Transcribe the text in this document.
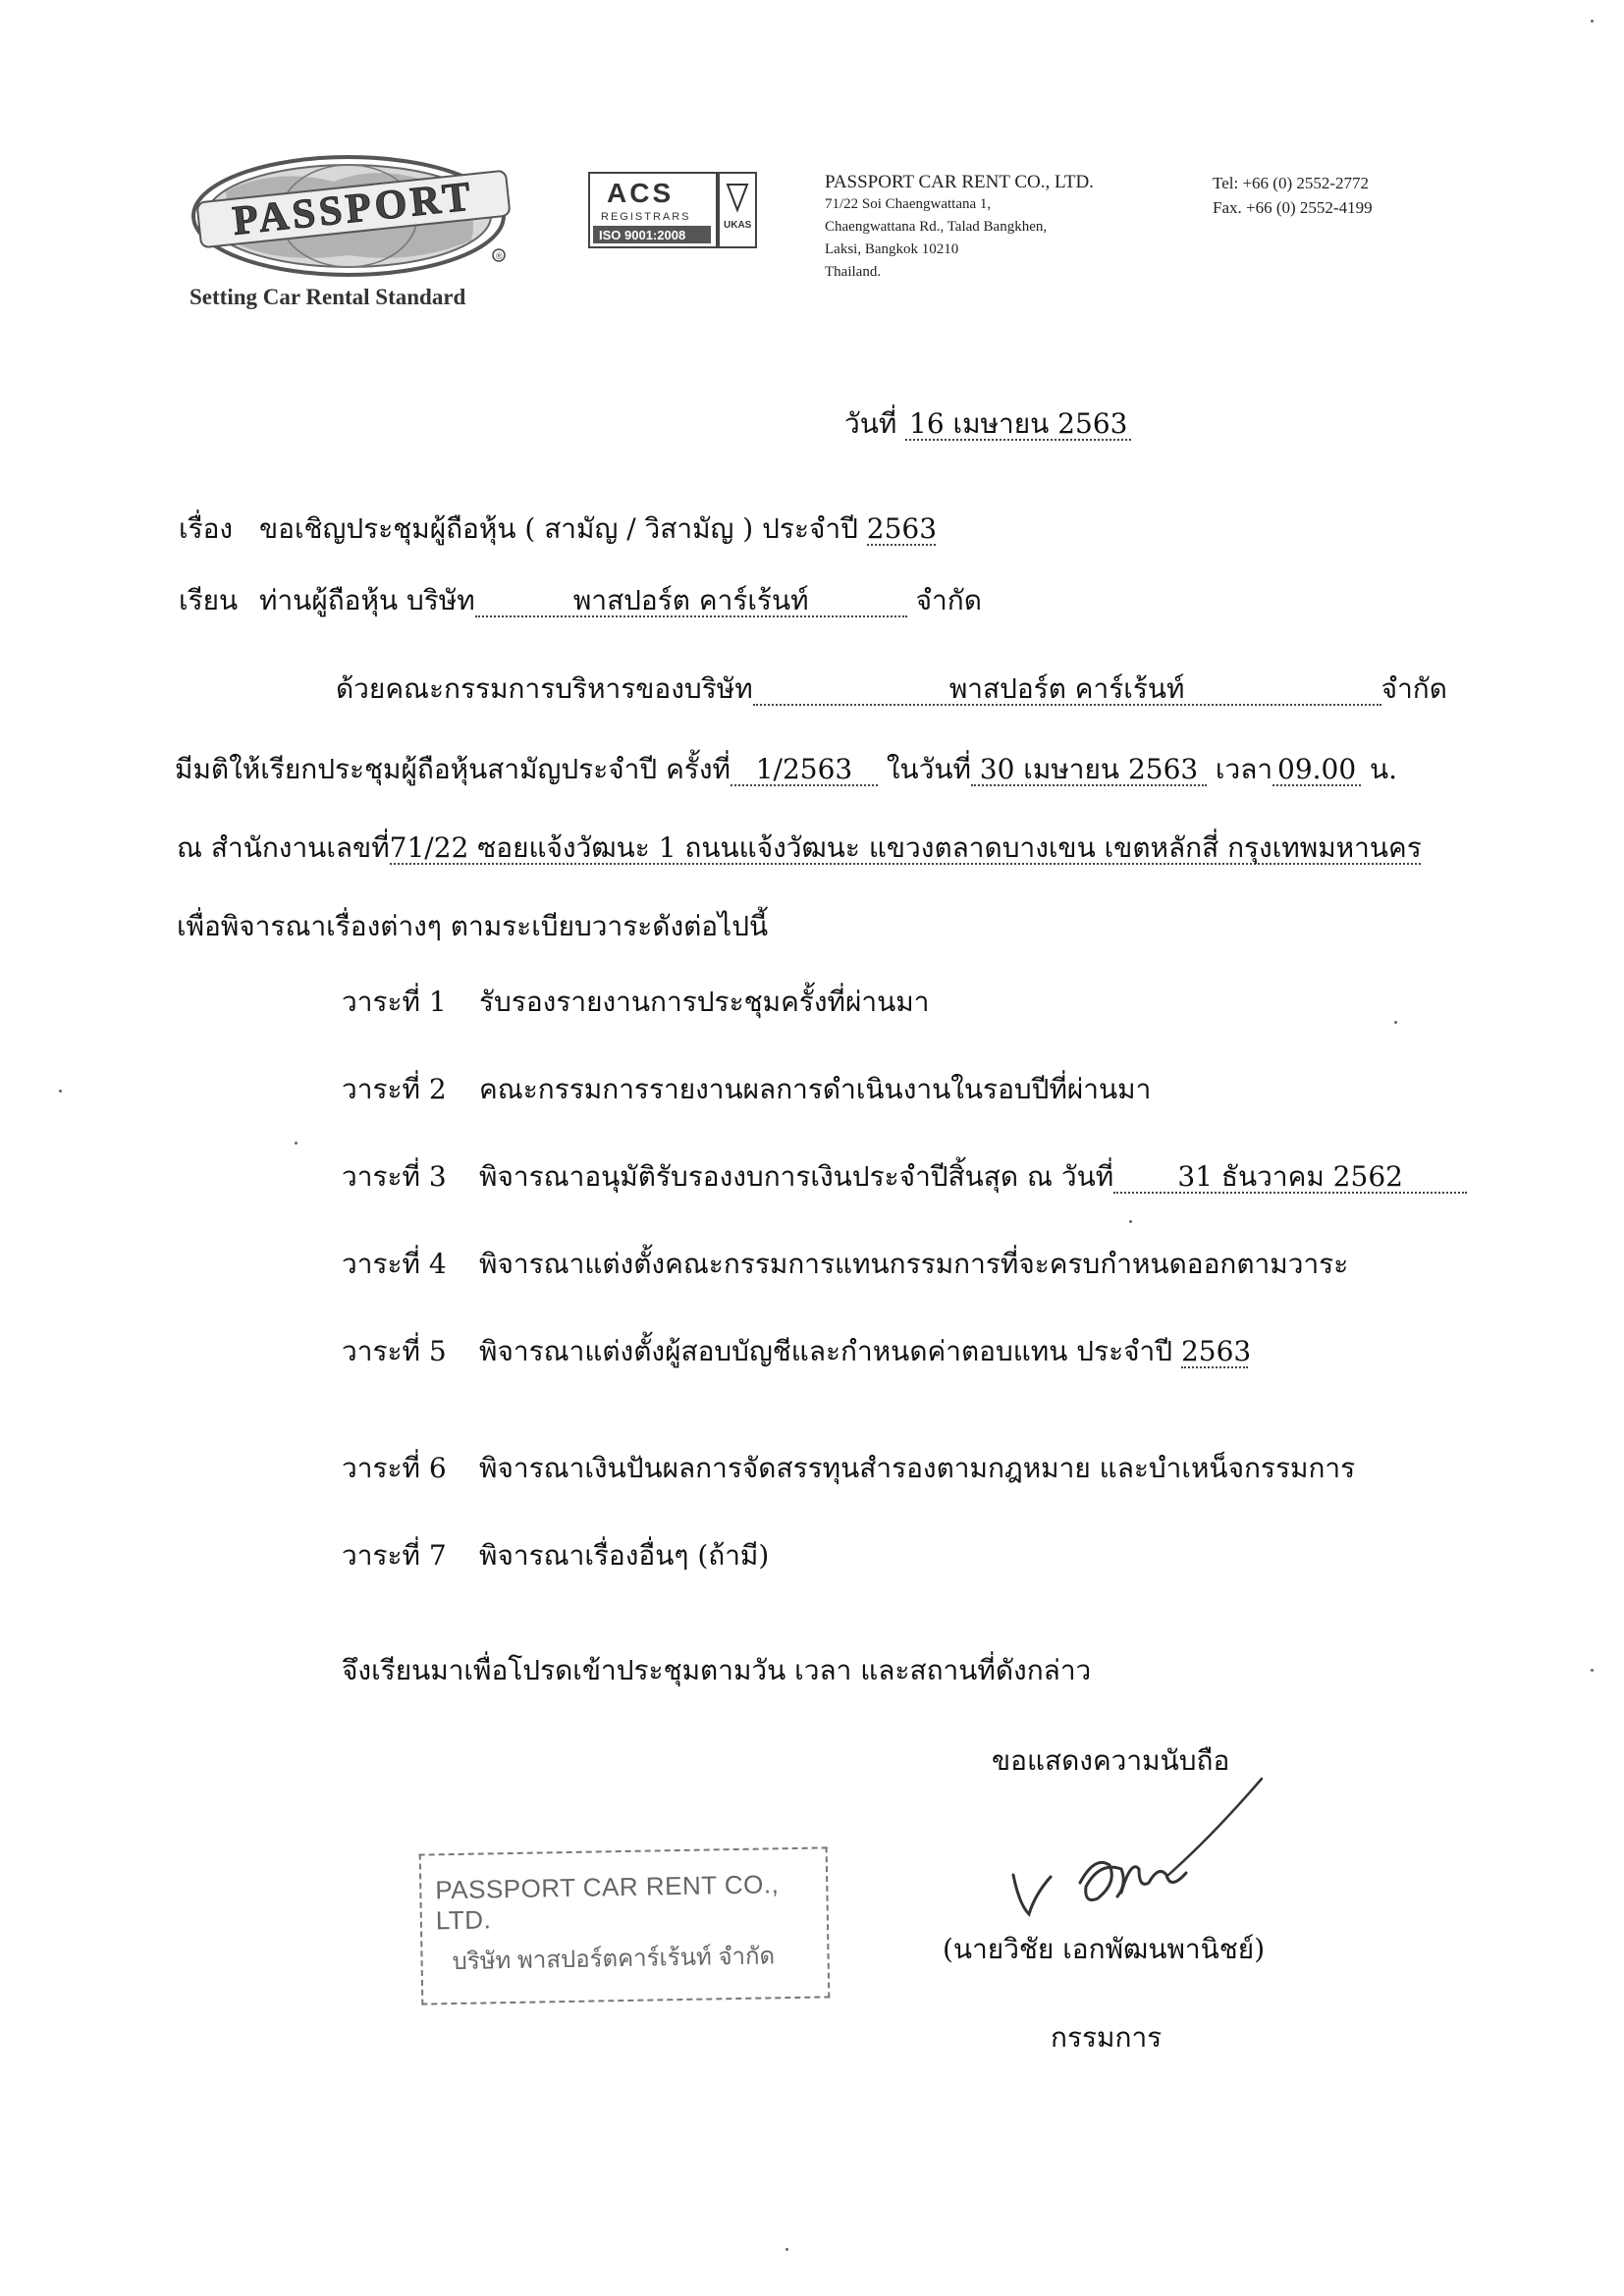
PASSPORT
®
Setting Car Rental Standard
ACS
REGISTRARS
ISO 9001:2008
UKAS
PASSPORT CAR RENT CO., LTD.
71/22 Soi Chaengwattana 1,
Chaengwattana Rd., Talad Bangkhen,
Laksi, Bangkok 10210
Thailand.
Tel: +66 (0) 2552-2772
Fax. +66 (0) 2552-4199
วันที่ 16 เมษายน 2563
เรื่อง ขอเชิญประชุมผู้ถือหุ้น ( สามัญ / วิสามัญ ) ประจำปี 2563
เรียน ท่านผู้ถือหุ้น บริษัท	พาสปอร์ต คาร์เร้นท์	จำกัด
ด้วยคณะกรรมการบริหารของบริษัท	พาสปอร์ต คาร์เร้นท์	จำกัด
มีมติให้เรียกประชุมผู้ถือหุ้นสามัญประจำปี ครั้งที่ 1/2563 ในวันที่ 30 เมษายน 2563 เวลา 09.00 น.
ณ สำนักงานเลขที่71/22 ซอยแจ้งวัฒนะ 1 ถนนแจ้งวัฒนะ แขวงตลาดบางเขน เขตหลักสี่ กรุงเทพมหานคร
เพื่อพิจารณาเรื่องต่างๆ ตามระเบียบวาระดังต่อไปนี้
วาระที่ 1 รับรองรายงานการประชุมครั้งที่ผ่านมา
วาระที่ 2 คณะกรรมการรายงานผลการดำเนินงานในรอบปีที่ผ่านมา
วาระที่ 3 พิจารณาอนุมัติรับรองงบการเงินประจำปีสิ้นสุด ณ วันที่ 31 ธันวาคม 2562
วาระที่ 4 พิจารณาแต่งตั้งคณะกรรมการแทนกรรมการที่จะครบกำหนดออกตามวาระ
วาระที่ 5 พิจารณาแต่งตั้งผู้สอบบัญชีและกำหนดค่าตอบแทน ประจำปี 2563
วาระที่ 6 พิจารณาเงินปันผลการจัดสรรทุนสำรองตามกฎหมาย และบำเหน็จกรรมการ
วาระที่ 7 พิจารณาเรื่องอื่นๆ (ถ้ามี)
จึงเรียนมาเพื่อโปรดเข้าประชุมตามวัน เวลา และสถานที่ดังกล่าว
ขอแสดงความนับถือ
PASSPORT CAR RENT CO., LTD.
บริษัท พาสปอร์ตคาร์เร้นท์ จำกัด	(นายวิชัย เอกพัฒนพานิชย์)
กรรมการ
